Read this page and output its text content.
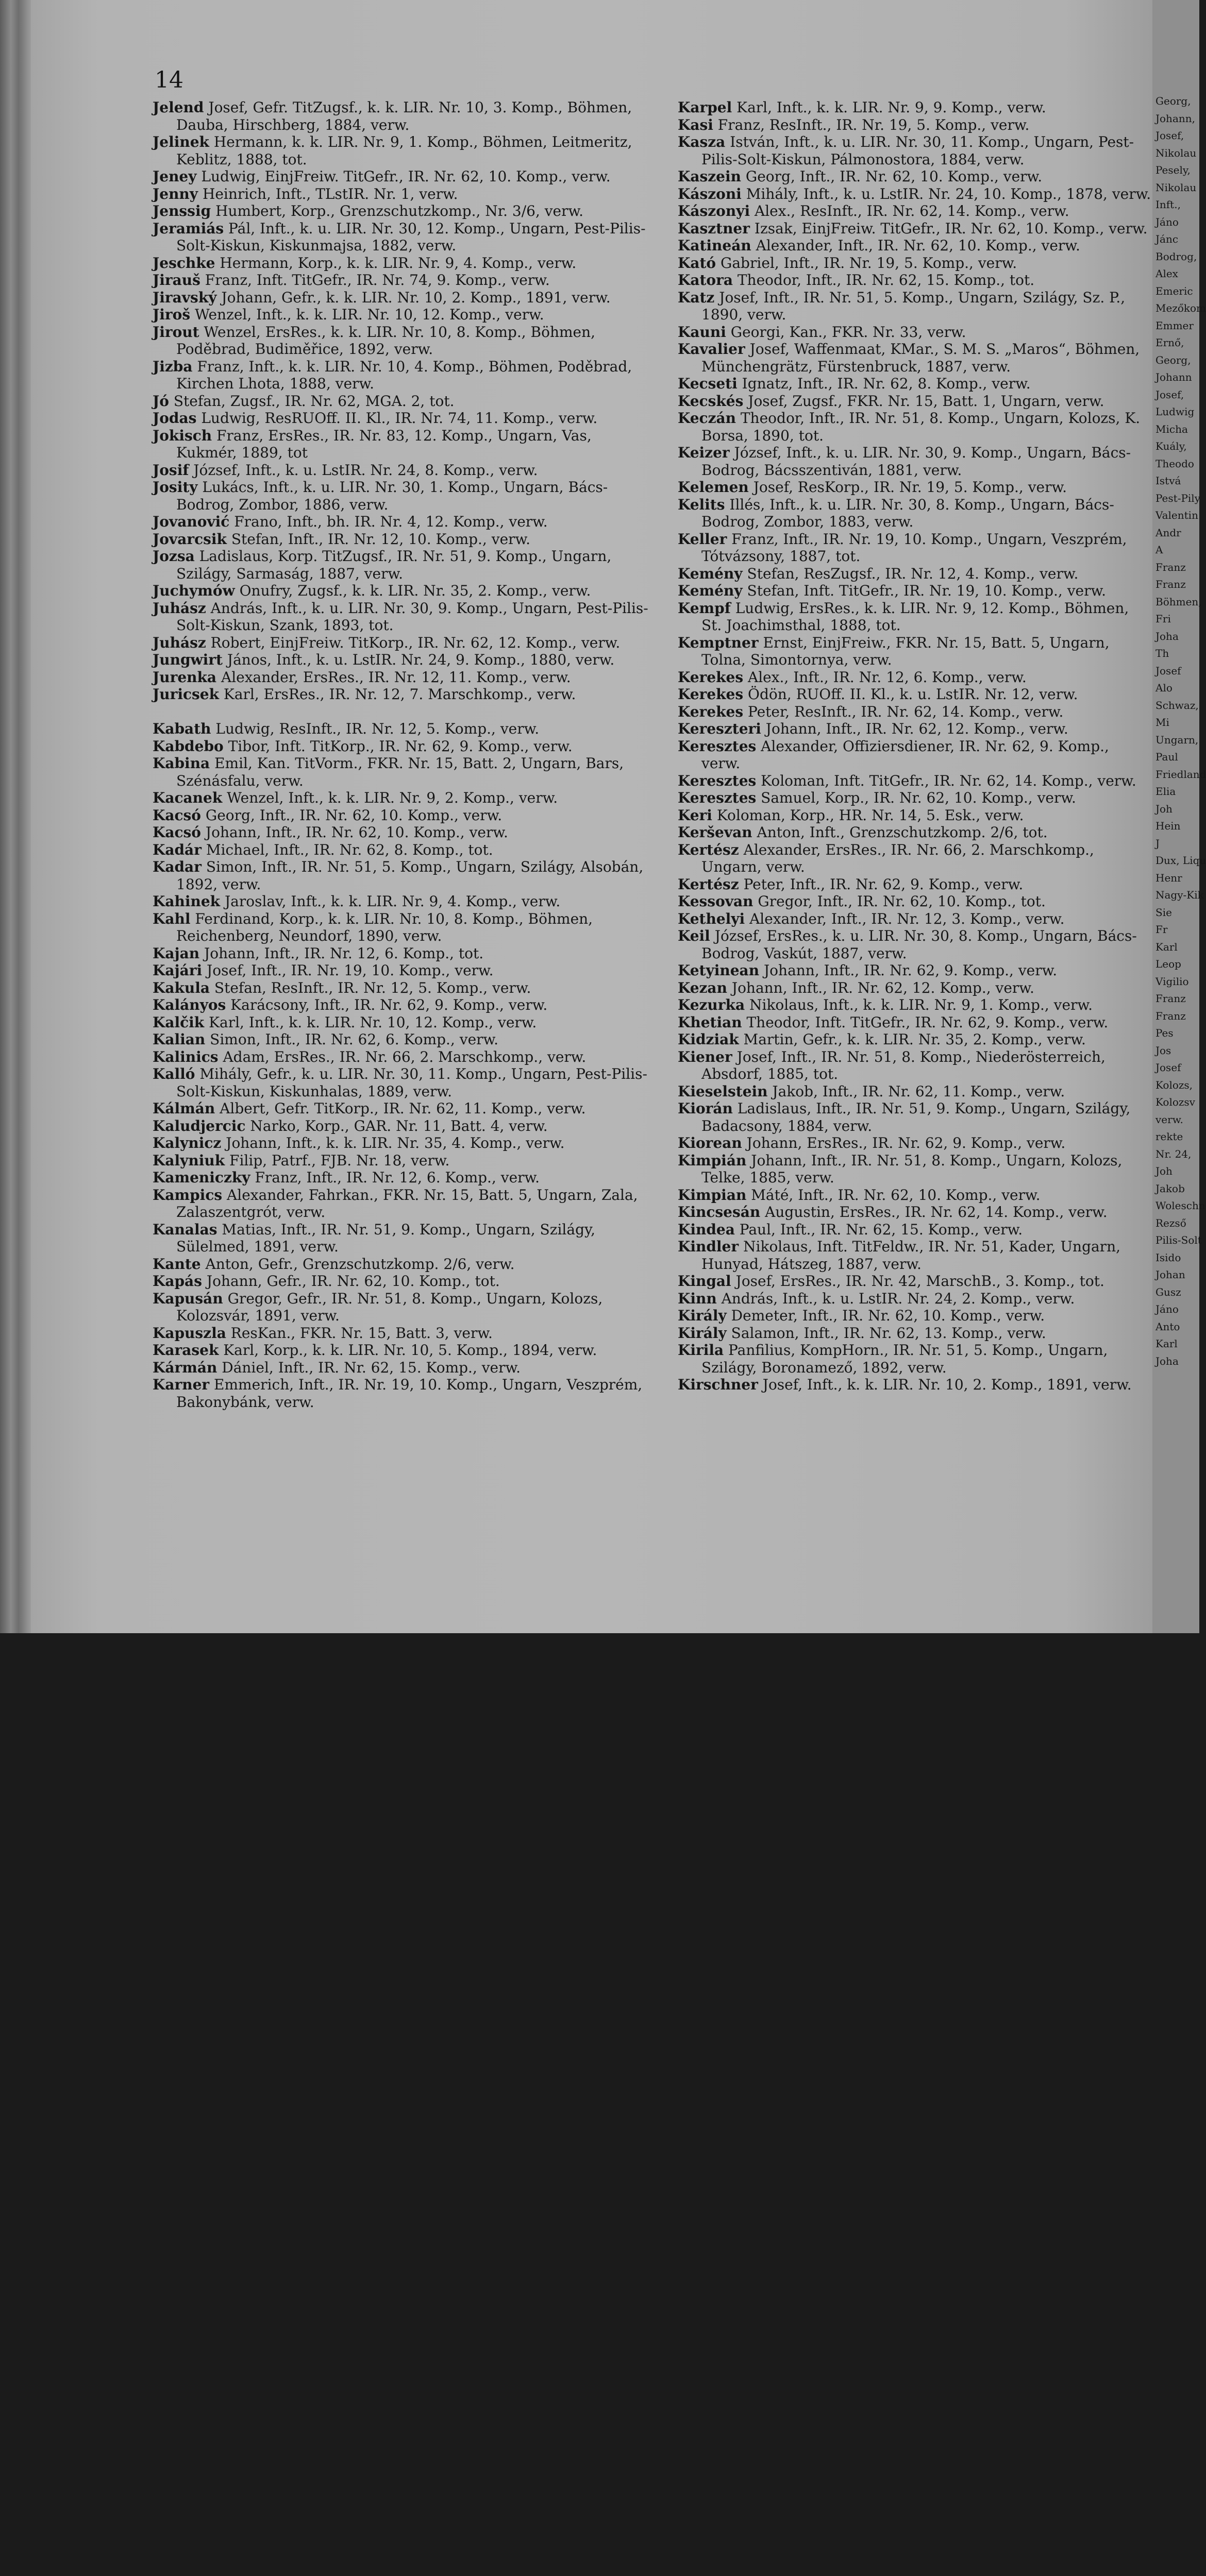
Georg,
Johann,
Josef,
Nikolau
Pesely,
Nikolau
Inft.,
Jáno
Jánc
Bodrog,
Alex
Emeric
Mezőkom
Emmer
Ernő,
Georg,
Johann
Josef,
Ludwig
Micha
Kuály,
Theodo
Istvá
Pest-Pily
Valentin
Andr
A
Franz
Franz
Böhmen,
Fri
Joha
Th
Josef
Alo
Schwaz,
Mi
Ungarn,
Paul
Friedland
Elia
Joh
Hein
J
Dux, Liqu
Henr
Nagy-Kik
Sie
Fr
Karl
Leop
Vigilio
Franz
Franz
Pes
Jos
Josef
Kolozs,
Kolozsv
verw.
rekte
Nr. 24,
Joh
Jakob
Woleschn
Rezső
Pilis-Solt
Isido
Johan
Gusz
Jáno
Anto
Karl
Joha
14

Jelend Josef, Gefr. TitZugsf., k. k. LIR. Nr. 10, 3. Komp., Böhmen, Dauba, Hirschberg, 1884, verw.

Jelinek Hermann, k. k. LIR. Nr. 9, 1. Komp., Böhmen, Leitmeritz, Keblitz, 1888, tot.

Jeney Ludwig, EinjFreiw. TitGefr., IR. Nr. 62, 10. Komp., verw.

Jenny Heinrich, Inft., TLstIR. Nr. 1, verw.

Jenssig Humbert, Korp., Grenzschutzkomp., Nr. 3/6, verw.

Jeramiás Pál, Inft., k. u. LIR. Nr. 30, 12. Komp., Ungarn, Pest-Pilis-Solt-Kiskun, Kiskunmajsa, 1882, verw.

Jeschke Hermann, Korp., k. k. LIR. Nr. 9, 4. Komp., verw.

Jirauš Franz, Inft. TitGefr., IR. Nr. 74, 9. Komp., verw.

Jiravský Johann, Gefr., k. k. LIR. Nr. 10, 2. Komp., 1891, verw.

Jiroš Wenzel, Inft., k. k. LIR. Nr. 10, 12. Komp., verw.

Jirout Wenzel, ErsRes., k. k. LIR. Nr. 10, 8. Komp., Böhmen, Poděbrad, Budiměřice, 1892, verw.

Jizba Franz, Inft., k. k. LIR. Nr. 10, 4. Komp., Böhmen, Poděbrad, Kirchen Lhota, 1888, verw.

Jó Stefan, Zugsf., IR. Nr. 62, MGA. 2, tot.

Jodas Ludwig, ResRUOff. II. Kl., IR. Nr. 74, 11. Komp., verw.

Jokisch Franz, ErsRes., IR. Nr. 83, 12. Komp., Ungarn, Vas, Kukmér, 1889, tot

Josif József, Inft., k. u. LstIR. Nr. 24, 8. Komp., verw.

Josity Lukács, Inft., k. u. LIR. Nr. 30, 1. Komp., Ungarn, Bács-Bodrog, Zombor, 1886, verw.

Jovanović Frano, Inft., bh. IR. Nr. 4, 12. Komp., verw.

Jovarcsik Stefan, Inft., IR. Nr. 12, 10. Komp., verw.

Jozsa Ladislaus, Korp. TitZugsf., IR. Nr. 51, 9. Komp., Ungarn, Szilágy, Sarmaság, 1887, verw.

Juchymów Onufry, Zugsf., k. k. LIR. Nr. 35, 2. Komp., verw.

Juhász András, Inft., k. u. LIR. Nr. 30, 9. Komp., Ungarn, Pest-Pilis-Solt-Kiskun, Szank, 1893, tot.

Juhász Robert, EinjFreiw. TitKorp., IR. Nr. 62, 12. Komp., verw.

Jungwirt János, Inft., k. u. LstIR. Nr. 24, 9. Komp., 1880, verw.

Jurenka Alexander, ErsRes., IR. Nr. 12, 11. Komp., verw.

Juricsek Karl, ErsRes., IR. Nr. 12, 7. Marschkomp., verw.

Kabath Ludwig, ResInft., IR. Nr. 12, 5. Komp., verw.

Kabdebo Tibor, Inft. TitKorp., IR. Nr. 62, 9. Komp., verw.

Kabina Emil, Kan. TitVorm., FKR. Nr. 15, Batt. 2, Ungarn, Bars, Szénásfalu, verw.

Kacanek Wenzel, Inft., k. k. LIR. Nr. 9, 2. Komp., verw.

Kacsó Georg, Inft., IR. Nr. 62, 10. Komp., verw.

Kacsó Johann, Inft., IR. Nr. 62, 10. Komp., verw.

Kadár Michael, Inft., IR. Nr. 62, 8. Komp., tot.

Kadar Simon, Inft., IR. Nr. 51, 5. Komp., Ungarn, Szilágy, Alsobán, 1892, verw.

Kahinek Jaroslav, Inft., k. k. LIR. Nr. 9, 4. Komp., verw.

Kahl Ferdinand, Korp., k. k. LIR. Nr. 10, 8. Komp., Böhmen, Reichenberg, Neundorf, 1890, verw.

Kajan Johann, Inft., IR. Nr. 12, 6. Komp., tot.

Kajári Josef, Inft., IR. Nr. 19, 10. Komp., verw.

Kakula Stefan, ResInft., IR. Nr. 12, 5. Komp., verw.

Kalányos Karácsony, Inft., IR. Nr. 62, 9. Komp., verw.

Kalčik Karl, Inft., k. k. LIR. Nr. 10, 12. Komp., verw.

Kalian Simon, Inft., IR. Nr. 62, 6. Komp., verw.

Kalinics Adam, ErsRes., IR. Nr. 66, 2. Marschkomp., verw.

Kalló Mihály, Gefr., k. u. LIR. Nr. 30, 11. Komp., Ungarn, Pest-Pilis-Solt-Kiskun, Kiskunhalas, 1889, verw.

Kálmán Albert, Gefr. TitKorp., IR. Nr. 62, 11. Komp., verw.

Kaludjercic Narko, Korp., GAR. Nr. 11, Batt. 4, verw.

Kalynicz Johann, Inft., k. k. LIR. Nr. 35, 4. Komp., verw.

Kalyniuk Filip, Patrf., FJB. Nr. 18, verw.

Kameniczky Franz, Inft., IR. Nr. 12, 6. Komp., verw.

Kampics Alexander, Fahrkan., FKR. Nr. 15, Batt. 5, Ungarn, Zala, Zalaszentgrót, verw.

Kanalas Matias, Inft., IR. Nr. 51, 9. Komp., Ungarn, Szilágy, Sülelmed, 1891, verw.

Kante Anton, Gefr., Grenzschutzkomp. 2/6, verw.

Kapás Johann, Gefr., IR. Nr. 62, 10. Komp., tot.

Kapusán Gregor, Gefr., IR. Nr. 51, 8. Komp., Ungarn, Kolozs, Kolozsvár, 1891, verw.

Kapuszla ResKan., FKR. Nr. 15, Batt. 3, verw.

Karasek Karl, Korp., k. k. LIR. Nr. 10, 5. Komp., 1894, verw.

Kármán Dániel, Inft., IR. Nr. 62, 15. Komp., verw.

Karner Emmerich, Inft., IR. Nr. 19, 10. Komp., Ungarn, Veszprém, Bakonybánk, verw.

Karpel Karl, Inft., k. k. LIR. Nr. 9, 9. Komp., verw.

Kasi Franz, ResInft., IR. Nr. 19, 5. Komp., verw.

Kasza István, Inft., k. u. LIR. Nr. 30, 11. Komp., Ungarn, Pest-Pilis-Solt-Kiskun, Pálmonostora, 1884, verw.

Kaszein Georg, Inft., IR. Nr. 62, 10. Komp., verw.

Kászoni Mihály, Inft., k. u. LstIR. Nr. 24, 10. Komp., 1878, verw.

Kászonyi Alex., ResInft., IR. Nr. 62, 14. Komp., verw.

Kasztner Izsak, EinjFreiw. TitGefr., IR. Nr. 62, 10. Komp., verw.

Katineán Alexander, Inft., IR. Nr. 62, 10. Komp., verw.

Kató Gabriel, Inft., IR. Nr. 19, 5. Komp., verw.

Katora Theodor, Inft., IR. Nr. 62, 15. Komp., tot.

Katz Josef, Inft., IR. Nr. 51, 5. Komp., Ungarn, Szilágy, Sz. P., 1890, verw.

Kauni Georgi, Kan., FKR. Nr. 33, verw.

Kavalier Josef, Waffenmaat, KMar., S. M. S. „Maros“, Böhmen, Münchengrätz, Fürstenbruck, 1887, verw.

Kecseti Ignatz, Inft., IR. Nr. 62, 8. Komp., verw.

Kecskés Josef, Zugsf., FKR. Nr. 15, Batt. 1, Ungarn, verw.

Keczán Theodor, Inft., IR. Nr. 51, 8. Komp., Ungarn, Kolozs, K. Borsa, 1890, tot.

Keizer József, Inft., k. u. LIR. Nr. 30, 9. Komp., Ungarn, Bács-Bodrog, Bácsszentiván, 1881, verw.

Kelemen Josef, ResKorp., IR. Nr. 19, 5. Komp., verw.

Kelits Illés, Inft., k. u. LIR. Nr. 30, 8. Komp., Ungarn, Bács-Bodrog, Zombor, 1883, verw.

Keller Franz, Inft., IR. Nr. 19, 10. Komp., Ungarn, Veszprém, Tótvázsony, 1887, tot.

Kemény Stefan, ResZugsf., IR. Nr. 12, 4. Komp., verw.

Kemény Stefan, Inft. TitGefr., IR. Nr. 19, 10. Komp., verw.

Kempf Ludwig, ErsRes., k. k. LIR. Nr. 9, 12. Komp., Böhmen, St. Joachimsthal, 1888, tot.

Kemptner Ernst, EinjFreiw., FKR. Nr. 15, Batt. 5, Ungarn, Tolna, Simontornya, verw.

Kerekes Alex., Inft., IR. Nr. 12, 6. Komp., verw.

Kerekes Ödön, RUOff. II. Kl., k. u. LstIR. Nr. 12, verw.

Kerekes Peter, ResInft., IR. Nr. 62, 14. Komp., verw.

Kereszteri Johann, Inft., IR. Nr. 62, 12. Komp., verw.

Keresztes Alexander, Offiziersdiener, IR. Nr. 62, 9. Komp., verw.

Keresztes Koloman, Inft. TitGefr., IR. Nr. 62, 14. Komp., verw.

Keresztes Samuel, Korp., IR. Nr. 62, 10. Komp., verw.

Keri Koloman, Korp., HR. Nr. 14, 5. Esk., verw.

Kerševan Anton, Inft., Grenzschutzkomp. 2/6, tot.

Kertész Alexander, ErsRes., IR. Nr. 66, 2. Marschkomp., Ungarn, verw.

Kertész Peter, Inft., IR. Nr. 62, 9. Komp., verw.

Kessovan Gregor, Inft., IR. Nr. 62, 10. Komp., tot.

Kethelyi Alexander, Inft., IR. Nr. 12, 3. Komp., verw.

Keil József, ErsRes., k. u. LIR. Nr. 30, 8. Komp., Ungarn, Bács-Bodrog, Vaskút, 1887, verw.

Ketyinean Johann, Inft., IR. Nr. 62, 9. Komp., verw.

Kezan Johann, Inft., IR. Nr. 62, 12. Komp., verw.

Kezurka Nikolaus, Inft., k. k. LIR. Nr. 9, 1. Komp., verw.

Khetian Theodor, Inft. TitGefr., IR. Nr. 62, 9. Komp., verw.

Kidziak Martin, Gefr., k. k. LIR. Nr. 35, 2. Komp., verw.

Kiener Josef, Inft., IR. Nr. 51, 8. Komp., Niederösterreich, Absdorf, 1885, tot.

Kieselstein Jakob, Inft., IR. Nr. 62, 11. Komp., verw.

Kiorán Ladislaus, Inft., IR. Nr. 51, 9. Komp., Ungarn, Szilágy, Badacsony, 1884, verw.

Kiorean Johann, ErsRes., IR. Nr. 62, 9. Komp., verw.

Kimpián Johann, Inft., IR. Nr. 51, 8. Komp., Ungarn, Kolozs, Telke, 1885, verw.

Kimpian Máté, Inft., IR. Nr. 62, 10. Komp., verw.

Kincsesán Augustin, ErsRes., IR. Nr. 62, 14. Komp., verw.

Kindea Paul, Inft., IR. Nr. 62, 15. Komp., verw.

Kindler Nikolaus, Inft. TitFeldw., IR. Nr. 51, Kader, Ungarn, Hunyad, Hátszeg, 1887, verw.

Kingal Josef, ErsRes., IR. Nr. 42, MarschB., 3. Komp., tot.

Kinn András, Inft., k. u. LstIR. Nr. 24, 2. Komp., verw.

Király Demeter, Inft., IR. Nr. 62, 10. Komp., verw.

Király Salamon, Inft., IR. Nr. 62, 13. Komp., verw.

Kirila Panfilius, KompHorn., IR. Nr. 51, 5. Komp., Ungarn, Szilágy, Boronamező, 1892, verw.

Kirschner Josef, Inft., k. k. LIR. Nr. 10, 2. Komp., 1891, verw.
